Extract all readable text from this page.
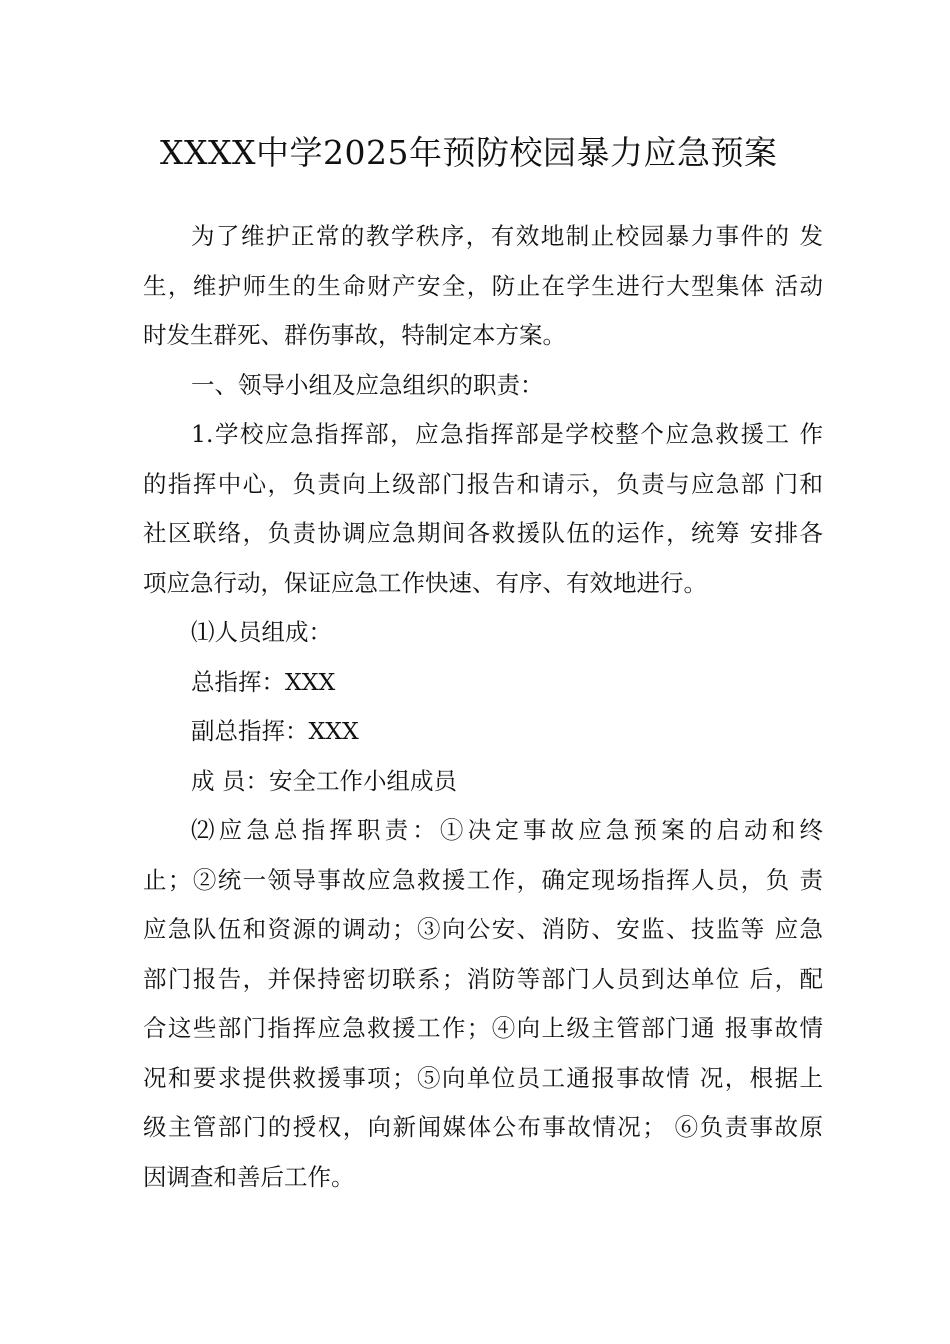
XXXX中学2025年预防校园暴力应急预案
为了维护正常的教学秩序，有效地制止校园暴力事件的 发
生，维护师生的生命财产安全，防止在学生进行大型集体 活动
时发生群死、群伤事故，特制定本方案。
一、领导小组及应急组织的职责：
1.学校应急指挥部，应急指挥部是学校整个应急救援工 作
的指挥中心，负责向上级部门报告和请示，负责与应急部 门和
社区联络，负责协调应急期间各救援队伍的运作，统筹 安排各
项应急行动，保证应急工作快速、有序、有效地进行。
⑴人员组成：
总指挥：XXX
副总指挥：XXX
成 员：安全工作小组成员
⑵应急总指挥职责：①决定事故应急预案的启动和终
止；②统一领导事故应急救援工作，确定现场指挥人员，负 责
应急队伍和资源的调动；③向公安、消防、安监、技监等 应急
部门报告，并保持密切联系；消防等部门人员到达单位 后，配
合这些部门指挥应急救援工作；④向上级主管部门通 报事故情
况和要求提供救援事项；⑤向单位员工通报事故情 况，根据上
级主管部门的授权，向新闻媒体公布事故情况； ⑥负责事故原
因调查和善后工作。
